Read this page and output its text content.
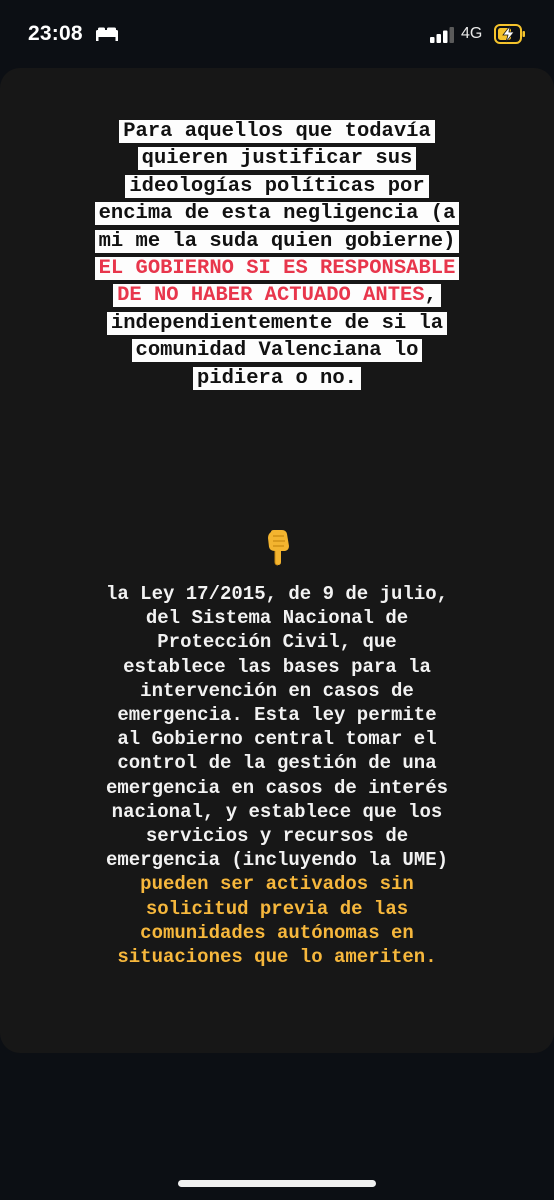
23:08	4G
Para aquellos que todavía
quieren justificar sus
ideologías políticas por
encima de esta negligencia (a
mi me la suda quien gobierne)
EL GOBIERNO SI ES RESPONSABLE
DE NO HABER ACTUADO ANTES,
independientemente de si la
comunidad Valenciana lo
pidiera o no.
la Ley 17/2015, de 9 de julio,
del Sistema Nacional de
Protección Civil, que
establece las bases para la
intervención en casos de
emergencia. Esta ley permite
al Gobierno central tomar el
control de la gestión de una
emergencia en casos de interés
nacional, y establece que los
servicios y recursos de
emergencia (incluyendo la UME)
pueden ser activados sin
solicitud previa de las
comunidades autónomas en
situaciones que lo ameriten.
